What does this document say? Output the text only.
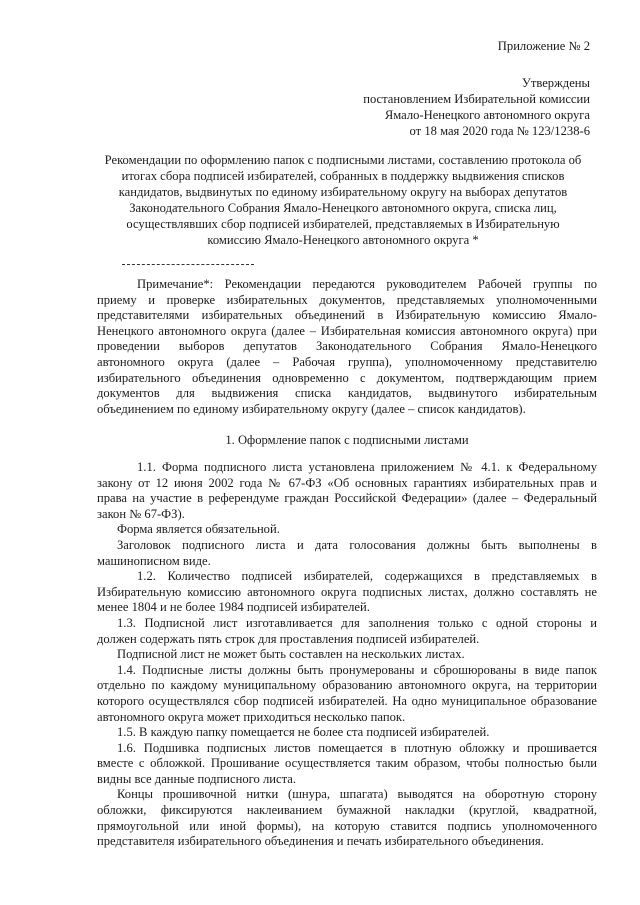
Приложение № 2
Утверждены
постановлением Избирательной комиссии
Ямало-Ненецкого автономного округа
от 18 мая 2020 года № 123/1238-6
Рекомендации по оформлению папок с подписными листами, составлению протокола об
итогах сбора подписей избирателей, собранных в поддержку выдвижения списков
кандидатов, выдвинутых по единому избирательному округу на выборах депутатов
Законодательного Собрания Ямало-Ненецкого автономного округа, списка лиц,
осуществлявших сбор подписей избирателей, представляемых в Избирательную
комиссию Ямало-Ненецкого автономного округа *
Примечание*: Рекомендации передаются руководителем Рабочей группы по
приему и проверке избирательных документов, представляемых уполномоченными
представителями избирательных объединений в Избирательную комиссию Ямало-
Ненецкого автономного округа (далее – Избирательная комиссия автономного округа) при
проведении выборов депутатов Законодательного Собрания Ямало-Ненецкого
автономного округа (далее – Рабочая группа), уполномоченному представителю
избирательного объединения одновременно с документом, подтверждающим прием
документов для выдвижения списка кандидатов, выдвинутого избирательным
объединением по единому избирательному округу (далее – список кандидатов).
1. Оформление папок с подписными листами
1.1. Форма подписного листа установлена приложением № 4.1. к Федеральному
закону от 12 июня 2002 года № 67-ФЗ «Об основных гарантиях избирательных прав и
права на участие в референдуме граждан Российской Федерации» (далее – Федеральный
закон № 67-ФЗ).
Форма является обязательной.
Заголовок подписного листа и дата голосования должны быть выполнены в
машинописном виде.
1.2. Количество подписей избирателей, содержащихся в представляемых в
Избирательную комиссию автономного округа подписных листах, должно составлять не
менее 1804 и не более 1984 подписей избирателей.
1.3. Подписной лист изготавливается для заполнения только с одной стороны и
должен содержать пять строк для проставления подписей избирателей.
Подписной лист не может быть составлен на нескольких листах.
1.4. Подписные листы должны быть пронумерованы и сброшюрованы в виде папок
отдельно по каждому муниципальному образованию автономного округа, на территории
которого осуществлялся сбор подписей избирателей. На одно муниципальное образование
автономного округа может приходиться несколько папок.
1.5. В каждую папку помещается не более ста подписей избирателей.
1.6. Подшивка подписных листов помещается в плотную обложку и прошивается
вместе с обложкой. Прошивание осуществляется таким образом, чтобы полностью были
видны все данные подписного листа.
Концы прошивочной нитки (шнура, шпагата) выводятся на оборотную сторону
обложки, фиксируются наклеиванием бумажной накладки (круглой, квадратной,
прямоугольной или иной формы), на которую ставится подпись уполномоченного
представителя избирательного объединения и печать избирательного объединения.
